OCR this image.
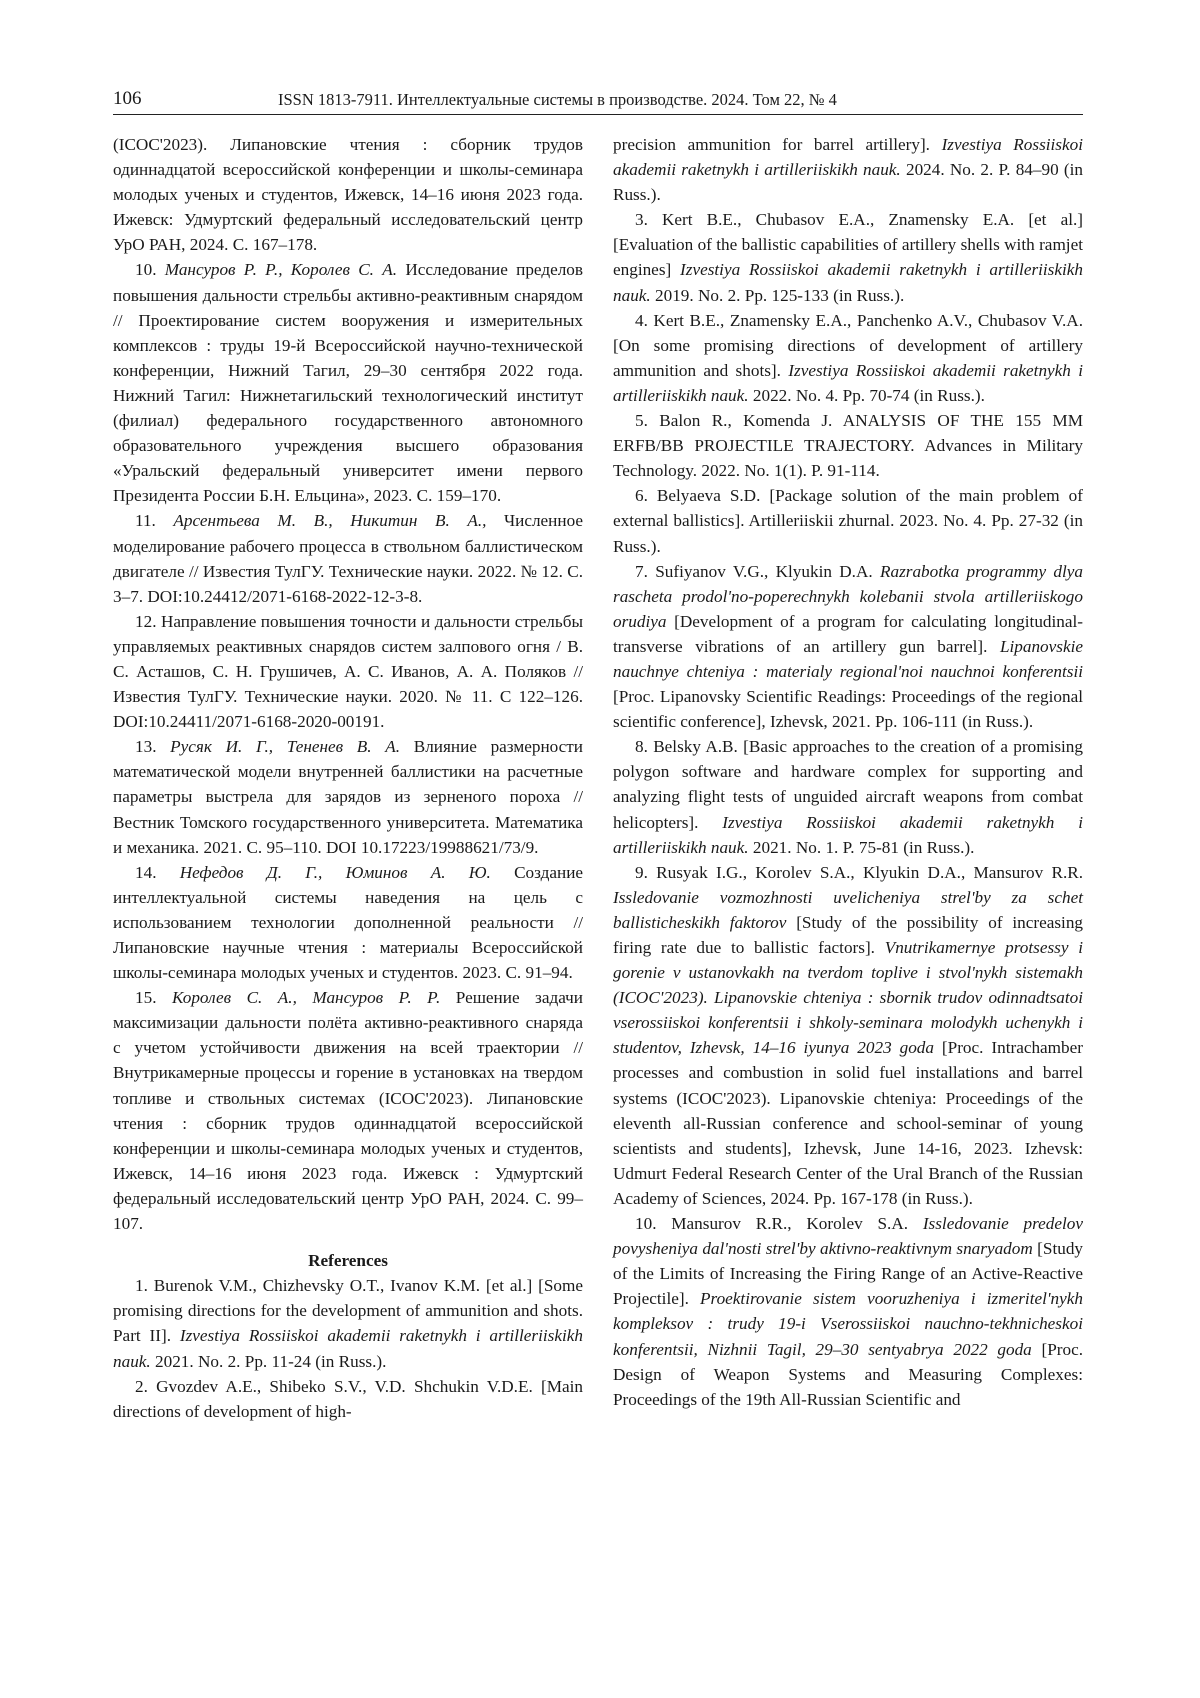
106	ISSN 1813-7911. Интеллектуальные системы в производстве. 2024. Том 22, № 4

(ICOC'2023). Липановские чтения : сборник трудов одиннадцатой всероссийской конференции и школы-семинара молодых ученых и студентов, Ижевск, 14–16 июня 2023 года. Ижевск: Удмуртский федеральный исследовательский центр УрО РАН, 2024. С. 167–178.

10. Мансуров Р. Р., Королев С. А. Исследование пределов повышения дальности стрельбы активно-реактивным снарядом // Проектирование систем вооружения и измерительных комплексов : труды 19-й Всероссийской научно-технической конференции, Нижний Тагил, 29–30 сентября 2022 года. Нижний Тагил: Нижнетагильский технологический институт (филиал) федерального государственного автономного образовательного учреждения высшего образования «Уральский федеральный университет имени первого Президента России Б.Н. Ельцина», 2023. С. 159–170.

11. Арсентьева М. В., Никитин В. А., Численное моделирование рабочего процесса в ствольном баллистическом двигателе // Известия ТулГУ. Технические науки. 2022. № 12. С. 3–7. DOI:10.24412/2071-6168-2022-12-3-8.

12. Направление повышения точности и дальности стрельбы управляемых реактивных снарядов систем залпового огня / В. С. Асташов, С. Н. Грушичев, А. С. Иванов, А. А. Поляков // Известия ТулГУ. Технические науки. 2020. № 11. С 122–126. DOI:10.24411/2071-6168-2020-00191.

13. Русяк И. Г., Тененев В. А. Влияние размерности математической модели внутренней баллистики на расчетные параметры выстрела для зарядов из зерненого пороха // Вестник Томского государственного университета. Математика и механика. 2021. С. 95–110. DOI 10.17223/19988621/73/9.

14. Нефедов Д. Г., Юминов А. Ю. Создание интеллектуальной системы наведения на цель с использованием технологии дополненной реальности // Липановские научные чтения : материалы Всероссийской школы-семинара молодых ученых и студентов. 2023. С. 91–94.

15. Королев С. А., Мансуров Р. Р. Решение задачи максимизации дальности полёта активно-реактивного снаряда с учетом устойчивости движения на всей траектории // Внутрикамерные процессы и горение в установках на твердом топливе и ствольных системах (ICOC'2023). Липановские чтения : сборник трудов одиннадцатой всероссийской конференции и школы-семинара молодых ученых и студентов, Ижевск, 14–16 июня 2023 года. Ижевск : Удмуртский федеральный исследовательский центр УрО РАН, 2024. С. 99–107.

References

1. Burenok V.M., Chizhevsky O.T., Ivanov K.M. [et al.] [Some promising directions for the development of ammunition and shots. Part II]. Izvestiya Rossiiskoi akademii raketnykh i artilleriiskikh nauk. 2021. No. 2. Pp. 11-24 (in Russ.).

2. Gvozdev A.E., Shibeko S.V., V.D. Shchukin V.D.E. [Main directions of development of high-

precision ammunition for barrel artillery]. Izvestiya Rossiiskoi akademii raketnykh i artilleriiskikh nauk. 2024. No. 2. P. 84–90 (in Russ.).

3. Kert B.E., Chubasov E.A., Znamensky E.A. [et al.] [Evaluation of the ballistic capabilities of artillery shells with ramjet engines] Izvestiya Rossiiskoi akademii raketnykh i artilleriiskikh nauk. 2019. No. 2. Pp. 125-133 (in Russ.).

4. Kert B.E., Znamensky E.A., Panchenko A.V., Chubasov V.A. [On some promising directions of development of artillery ammunition and shots]. Izvestiya Rossiiskoi akademii raketnykh i artilleriiskikh nauk. 2022. No. 4. Pp. 70-74 (in Russ.).

5. Balon R., Komenda J. ANALYSIS OF THE 155 MM ERFB/BB PROJECTILE TRAJECTORY. Advances in Military Technology. 2022. No. 1(1). P. 91-114.

6. Belyaeva S.D. [Package solution of the main problem of external ballistics]. Artilleriiskii zhurnal. 2023. No. 4. Pp. 27-32 (in Russ.).

7. Sufiyanov V.G., Klyukin D.A. Razrabotka programmy dlya rascheta prodol'no-poperechnykh kolebanii stvola artilleriiskogo orudiya [Development of a program for calculating longitudinal-transverse vibrations of an artillery gun barrel]. Lipanovskie nauchnye chteniya : materialy regional'noi nauchnoi konferentsii [Proc. Lipanovsky Scientific Readings: Proceedings of the regional scientific conference], Izhevsk, 2021. Pp. 106-111 (in Russ.).

8. Belsky A.B. [Basic approaches to the creation of a promising polygon software and hardware complex for supporting and analyzing flight tests of unguided aircraft weapons from combat helicopters]. Izvestiya Rossiiskoi akademii raketnykh i artilleriiskikh nauk. 2021. No. 1. P. 75-81 (in Russ.).

9. Rusyak I.G., Korolev S.A., Klyukin D.A., Mansurov R.R. Issledovanie vozmozhnosti uvelicheniya strel'by za schet ballisticheskikh faktorov [Study of the possibility of increasing firing rate due to ballistic factors]. Vnutrikamernye protsessy i gorenie v ustanovkakh na tverdom toplive i stvol'nykh sistemakh (ICOC'2023). Lipanovskie chteniya : sbornik trudov odinnadtsatoi vserossiiskoi konferentsii i shkoly-seminara molodykh uchenykh i studentov, Izhevsk, 14–16 iyunya 2023 goda [Proc. Intrachamber processes and combustion in solid fuel installations and barrel systems (ICOC'2023). Lipanovskie chteniya: Proceedings of the eleventh all-Russian conference and school-seminar of young scientists and students], Izhevsk, June 14-16, 2023. Izhevsk: Udmurt Federal Research Center of the Ural Branch of the Russian Academy of Sciences, 2024. Pp. 167-178 (in Russ.).

10. Mansurov R.R., Korolev S.A. Issledovanie predelov povysheniya dal'nosti strel'by aktivno-reaktivnym snaryadom [Study of the Limits of Increasing the Firing Range of an Active-Reactive Projectile]. Proektirovanie sistem vooruzheniya i izmeritel'nykh kompleksov : trudy 19-i Vserossiiskoi nauchno-tekhnicheskoi konferentsii, Nizhnii Tagil, 29–30 sentyabrya 2022 goda [Proc. Design of Weapon Systems and Measuring Complexes: Proceedings of the 19th All-Russian Scientific and
